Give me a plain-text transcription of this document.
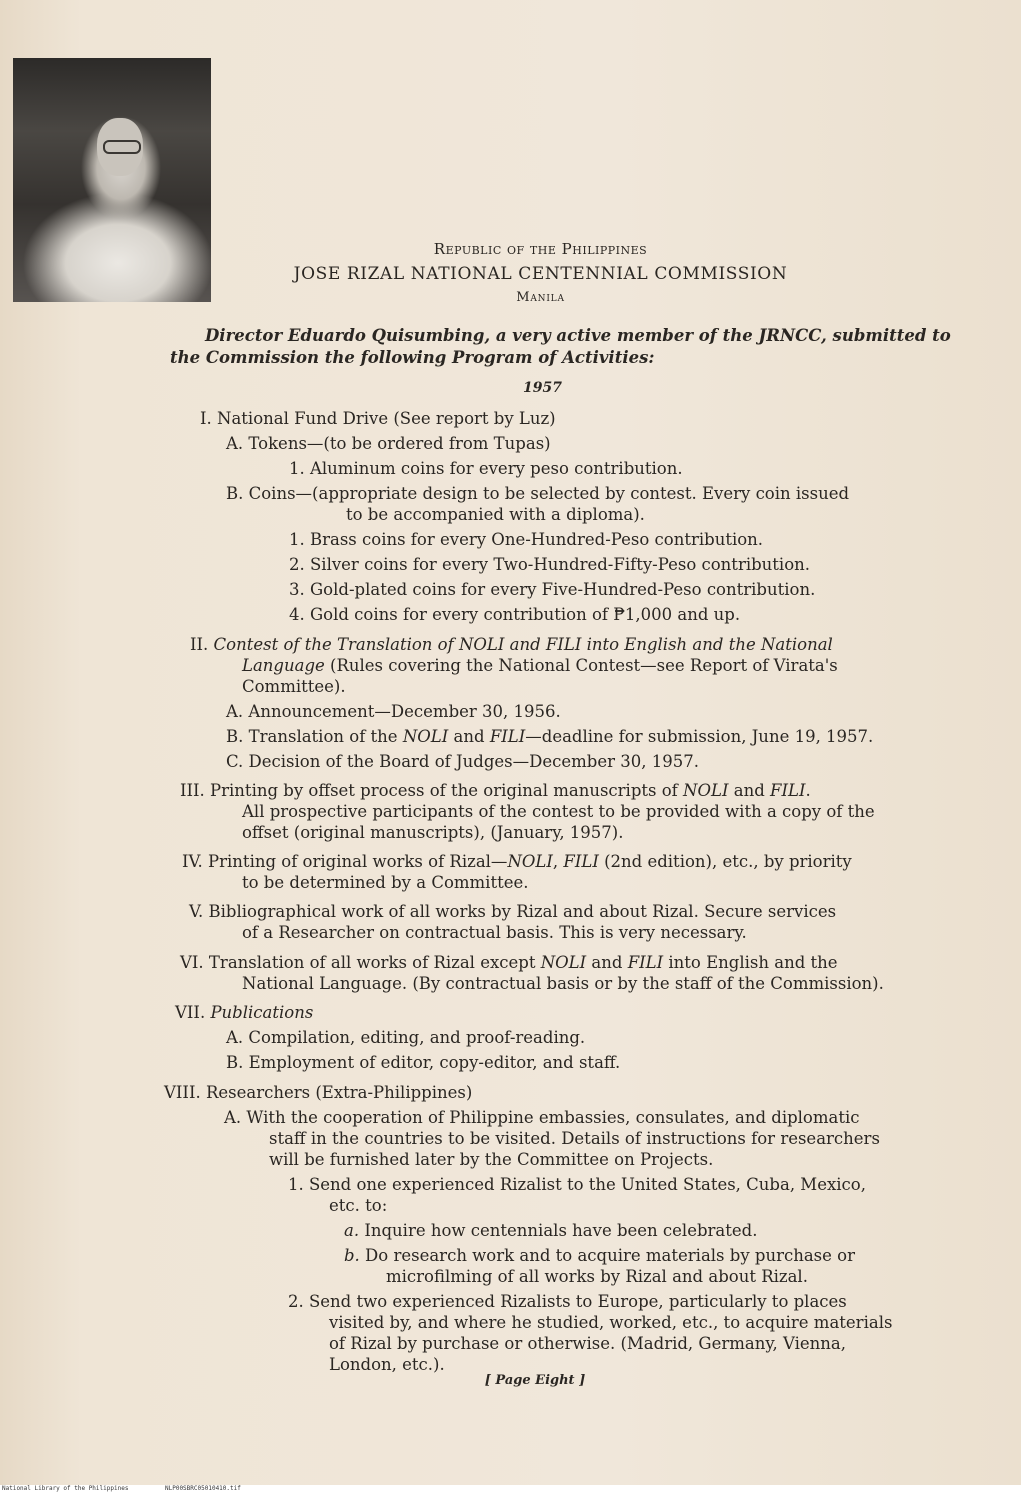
Republic of the Philippines
JOSE RIZAL NATIONAL CENTENNIAL COMMISSION
Manila
Director Eduardo Quisumbing, a very active member of the JRNCC, submitted to
the Commission the following Program of Activities:
1957
I. National Fund Drive (See report by Luz)
A. Tokens—(to be ordered from Tupas)
1. Aluminum coins for every peso contribution.
B. Coins—(appropriate design to be selected by contest. Every coin issued
to be accompanied with a diploma).
1. Brass coins for every One-Hundred-Peso contribution.
2. Silver coins for every Two-Hundred-Fifty-Peso contribution.
3. Gold-plated coins for every Five-Hundred-Peso contribution.
4. Gold coins for every contribution of ₱1,000 and up.
II. Contest of the Translation of NOLI and FILI into English and the National
Language (Rules covering the National Contest—see Report of Virata's
Committee).
A. Announcement—December 30, 1956.
B. Translation of the NOLI and FILI—deadline for submission, June 19, 1957.
C. Decision of the Board of Judges—December 30, 1957.
III. Printing by offset process of the original manuscripts of NOLI and FILI.
All prospective participants of the contest to be provided with a copy of the
offset (original manuscripts), (January, 1957).
IV. Printing of original works of Rizal—NOLI, FILI (2nd edition), etc., by priority
to be determined by a Committee.
V. Bibliographical work of all works by Rizal and about Rizal. Secure services
of a Researcher on contractual basis. This is very necessary.
VI. Translation of all works of Rizal except NOLI and FILI into English and the
National Language. (By contractual basis or by the staff of the Commission).
VII. Publications
A. Compilation, editing, and proof-reading.
B. Employment of editor, copy-editor, and staff.
VIII. Researchers (Extra-Philippines)
A. With the cooperation of Philippine embassies, consulates, and diplomatic
staff in the countries to be visited. Details of instructions for researchers
will be furnished later by the Committee on Projects.
1. Send one experienced Rizalist to the United States, Cuba, Mexico,
etc. to:
a. Inquire how centennials have been celebrated.
b. Do research work and to acquire materials by purchase or
microfilming of all works by Rizal and about Rizal.
2. Send two experienced Rizalists to Europe, particularly to places
visited by, and where he studied, worked, etc., to acquire materials
of Rizal by purchase or otherwise. (Madrid, Germany, Vienna,
London, etc.).
[ Page Eight ]
National Library of the Philippines	NLP00SBRC05010410.tif
